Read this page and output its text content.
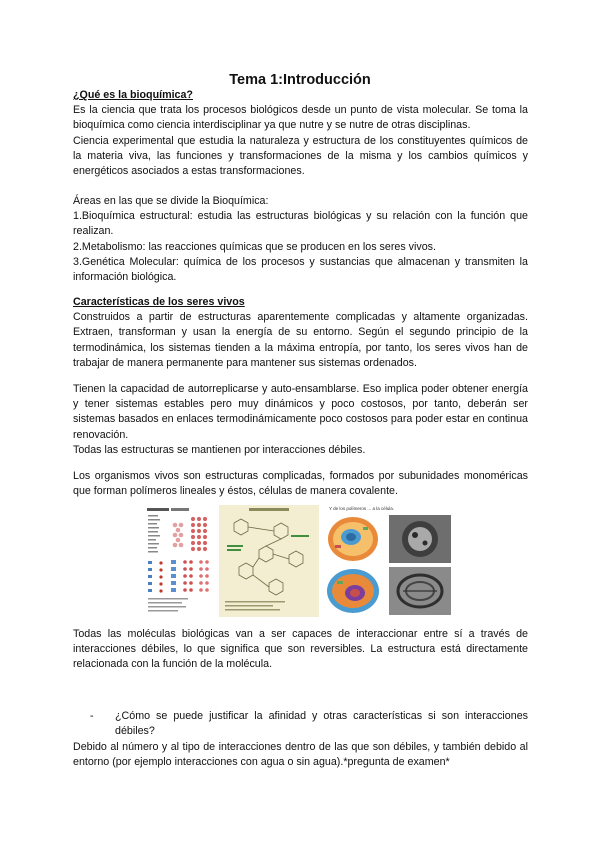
Tema 1:Introducción

¿Qué es la bioquímica?

Es la ciencia que trata los procesos biológicos desde un punto de vista molecular. Se toma la bioquímica como ciencia interdisciplinar ya que nutre y se nutre de otras disciplinas.

Ciencia experimental que estudia la naturaleza y estructura de los constituyentes químicos de la materia viva, las funciones y transformaciones de la misma y los cambios químicos y energéticos asociados a estas transformaciones.

Áreas en las que se divide la Bioquímica:

1.Bioquímica estructural: estudia las estructuras biológicas y su relación con la función que realizan.

2.Metabolismo: las reacciones químicas que se producen en los seres vivos.

3.Genética Molecular: química de los procesos y sustancias que almacenan y transmiten la información biológica.

Características de los seres vivos

Construidos a partir de estructuras aparentemente complicadas y altamente organizadas. Extraen, transforman y usan la energía de su entorno. Según el segundo principio de la termodinámica, los sistemas tienden a la máxima entropía, por tanto, los seres vivos han de trabajar de manera permanente para mantener sus sistemas ordenados.

Tienen la capacidad de autorreplicarse y auto-ensamblarse. Eso implica poder obtener energía y tener sistemas estables pero muy dinámicos y poco costosos, por tanto, deberán ser sistemas basados en enlaces termodinámicamente poco costosos para poder estar en continua renovación.

Todas las estructuras se mantienen por interacciones débiles.

Los organismos vivos son estructuras complicadas, formados por subunidades monoméricas que forman polímeros lineales y éstos, células de manera covalente.

Y de los polímeros ... a la célula.

Todas las moléculas biológicas van a ser capaces de interaccionar entre sí a través de interacciones débiles, lo que significa que son reversibles. La estructura está directamente relacionada con la función de la molécula.

- ¿Cómo se puede justificar la afinidad y otras características si son interacciones débiles?

Debido al número y al tipo de interacciones dentro de las que son débiles, y también debido al entorno (por ejemplo interacciones con agua o sin agua).*pregunta de examen*
